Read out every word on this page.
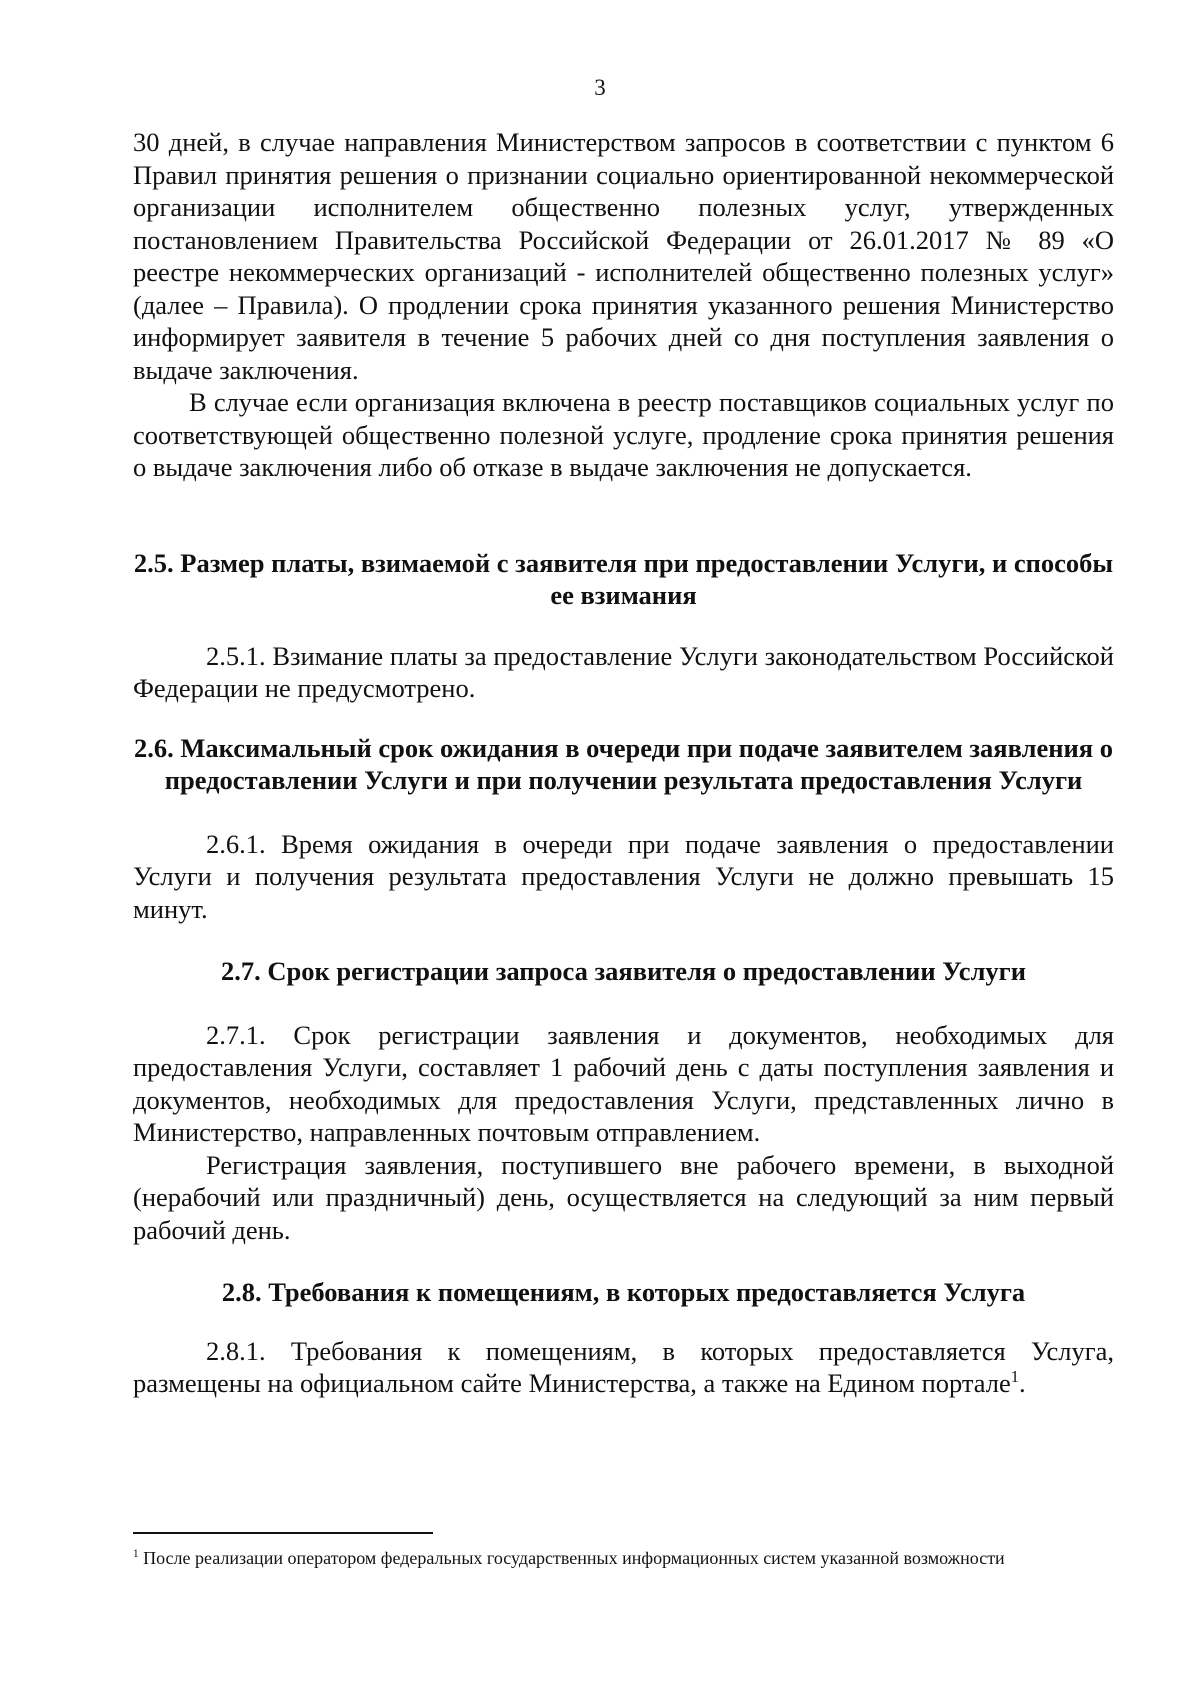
3

30 дней, в случае направления Министерством запросов в соответствии с пунктом 6 Правил принятия решения о признании социально ориентированной некоммерческой организации исполнителем общественно полезных услуг, утвержденных постановлением Правительства Российской Федерации от 26.01.2017 № 89 «О реестре некоммерческих организаций - исполнителей общественно полезных услуг» (далее – Правила). О продлении срока принятия указанного решения Министерство информирует заявителя в течение 5 рабочих дней со дня поступления заявления о выдаче заключения.

В случае если организация включена в реестр поставщиков социальных услуг по соответствующей общественно полезной услуге, продление срока принятия решения о выдаче заключения либо об отказе в выдаче заключения не допускается.

2.5. Размер платы, взимаемой с заявителя при предоставлении Услуги, и способы ее взимания

2.5.1. Взимание платы за предоставление Услуги законодательством Российской Федерации не предусмотрено.

2.6. Максимальный срок ожидания в очереди при подаче заявителем заявления о предоставлении Услуги и при получении результата предоставления Услуги

2.6.1. Время ожидания в очереди при подаче заявления о предоставлении Услуги и получения результата предоставления Услуги не должно превышать 15 минут.

2.7. Срок регистрации запроса заявителя о предоставлении Услуги

2.7.1. Срок регистрации заявления и документов, необходимых для предоставления Услуги, составляет 1 рабочий день с даты поступления заявления и документов, необходимых для предоставления Услуги, представленных лично в Министерство, направленных почтовым отправлением.

Регистрация заявления, поступившего вне рабочего времени, в выходной (нерабочий или праздничный) день, осуществляется на следующий за ним первый рабочий день.

2.8. Требования к помещениям, в которых предоставляется Услуга

2.8.1. Требования к помещениям, в которых предоставляется Услуга, размещены на официальном сайте Министерства, а также на Едином портале$^1$.

$^1$ После реализации оператором федеральных государственных информационных систем указанной возможности
